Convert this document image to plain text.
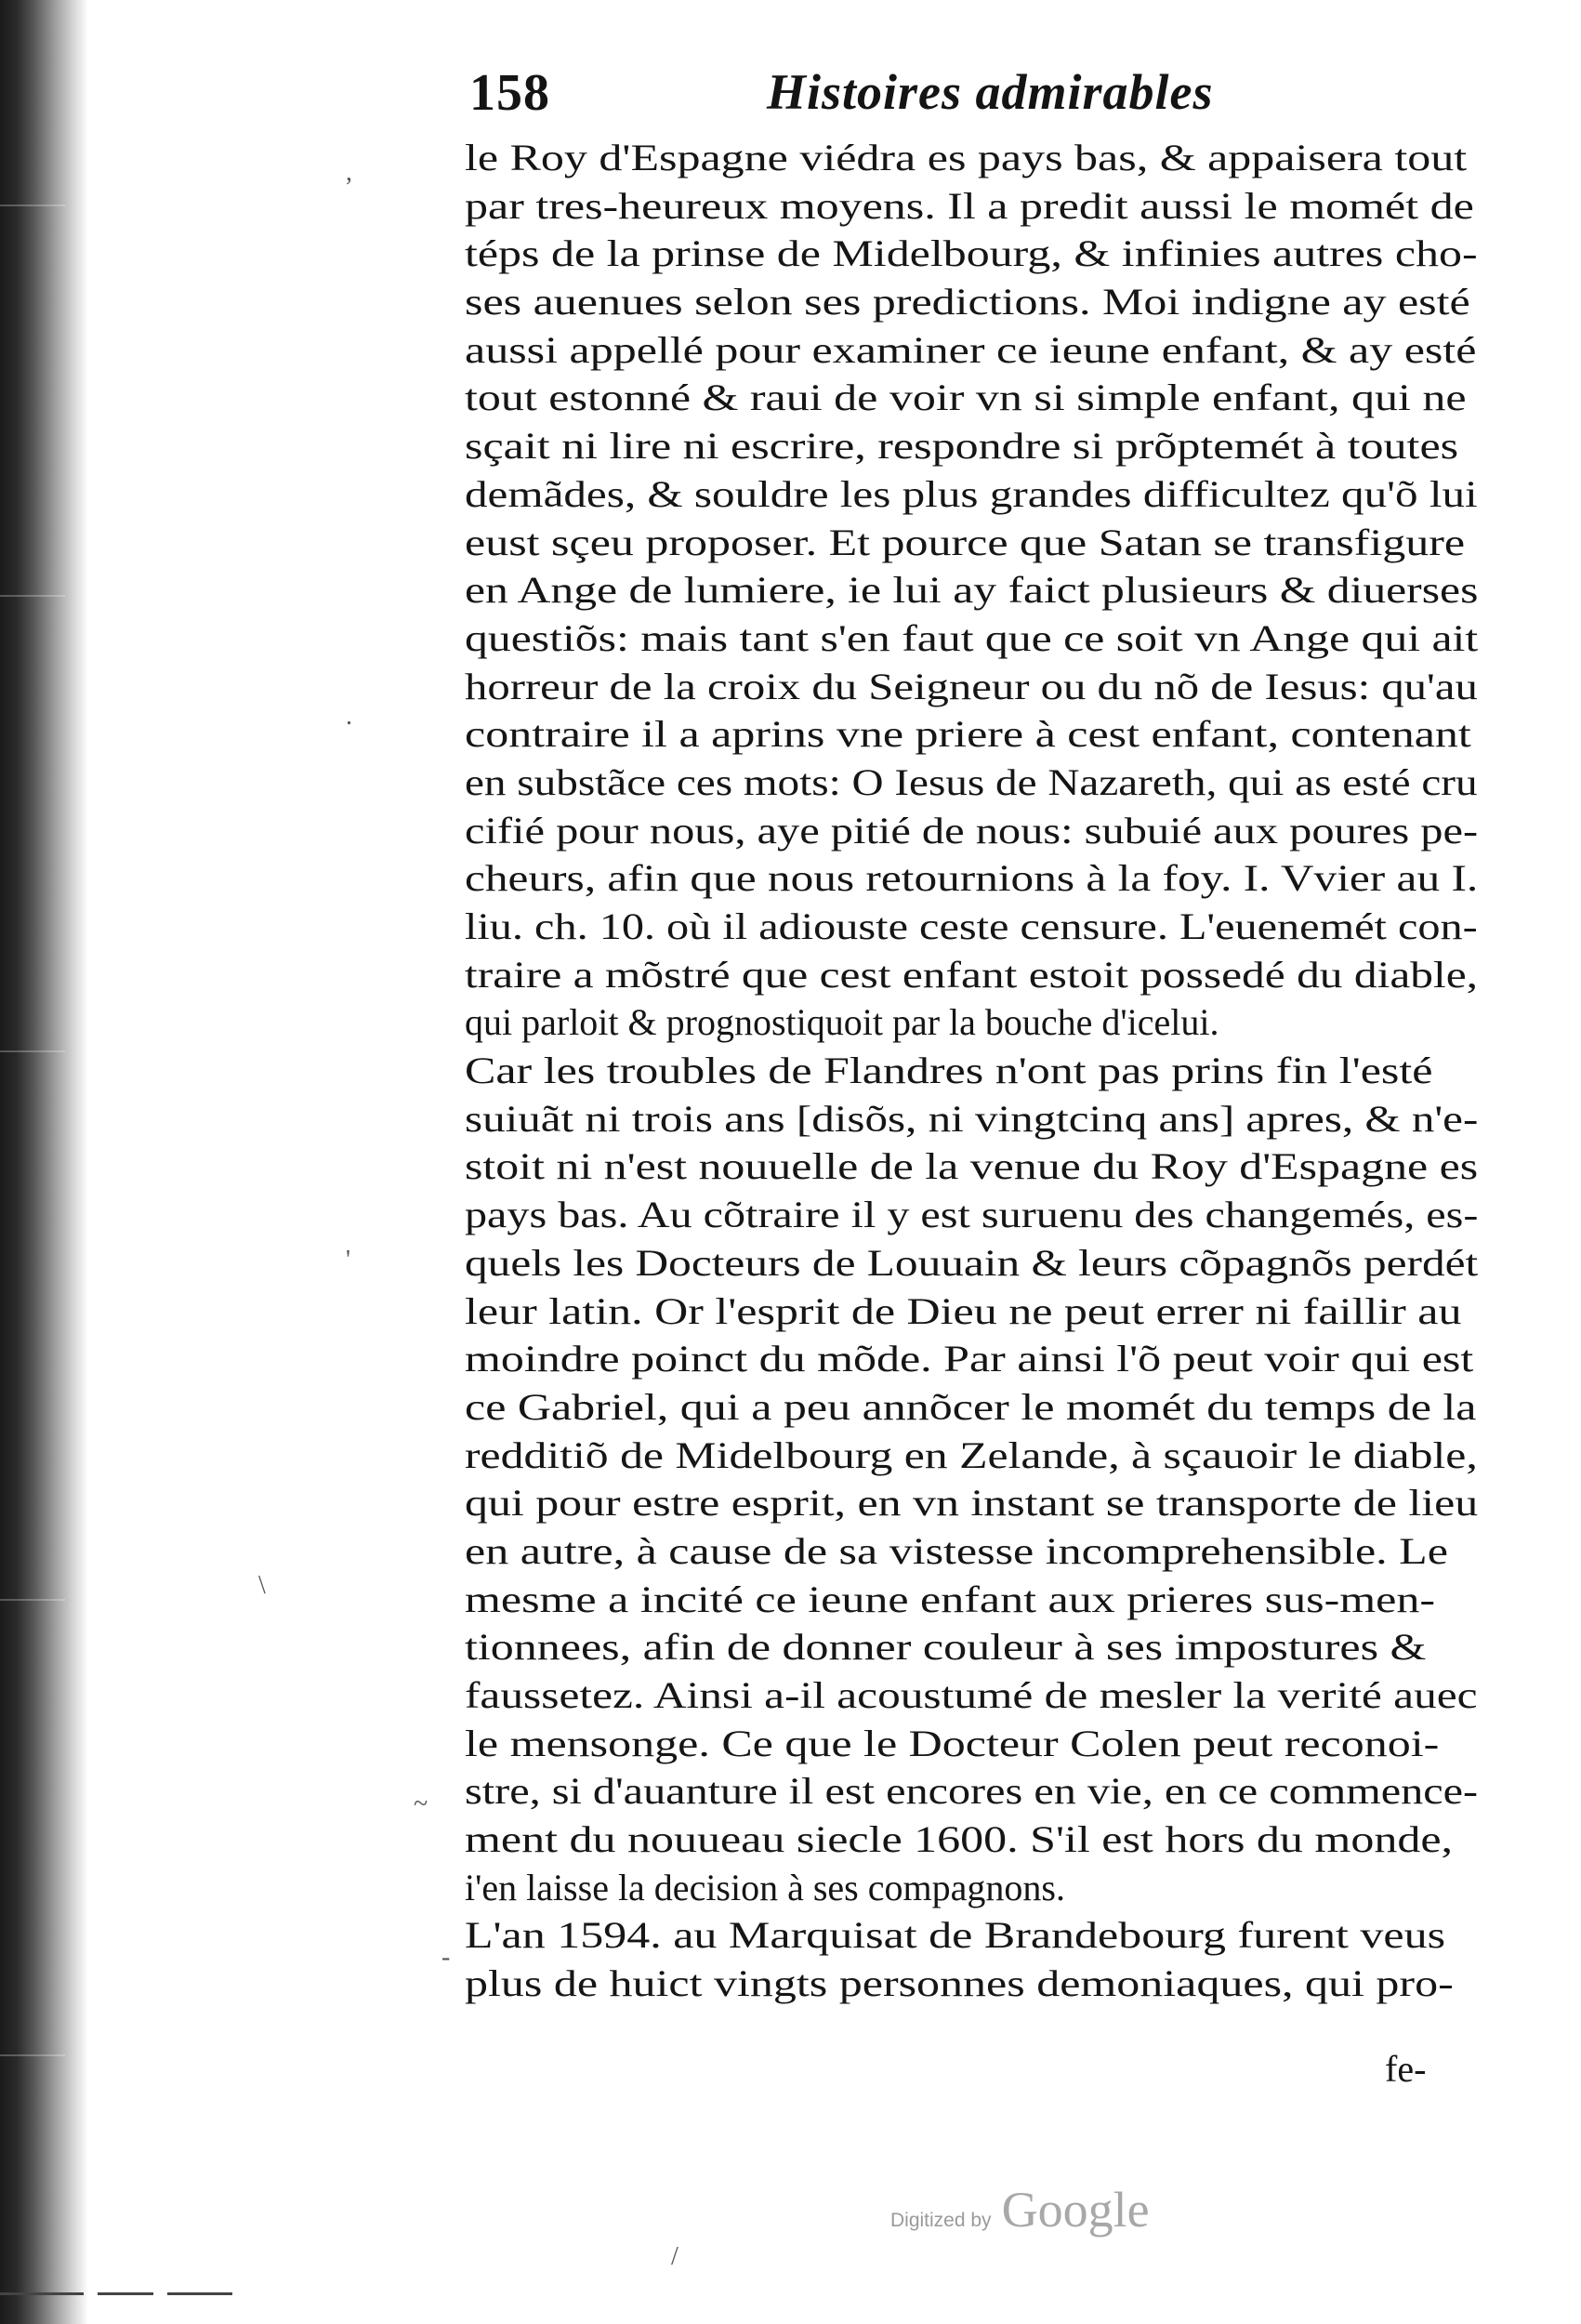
158	Histoires admirables
le Roy d'Espagne viédra es pays bas, & appaisera tout
par tres-heureux moyens. Il a predit aussi le momét de
téps de la prinse de Midelbourg, & infinies autres cho-
ses auenues selon ses predictions. Moi indigne ay esté
aussi appellé pour examiner ce ieune enfant, & ay esté
tout estonné & raui de voir vn si simple enfant, qui ne
sçait ni lire ni escrire, respondre si prõptemét à toutes
demãdes, & souldre les plus grandes difficultez qu'õ lui
eust sçeu proposer. Et pource que Satan se transfigure
en Ange de lumiere, ie lui ay faict plusieurs & diuerses
questiõs: mais tant s'en faut que ce soit vn Ange qui ait
horreur de la croix du Seigneur ou du nõ de Iesus: qu'au
contraire il a aprins vne priere à cest enfant, contenant
en substãce ces mots: O Iesus de Nazareth, qui as esté cru
cifié pour nous, aye pitié de nous: subuié aux poures pe-
cheurs, afin que nous retournions à la foy. I. Vvier au I.
liu. ch. 10. où il adiouste ceste censure. L'euenemét con-
traire a mõstré que cest enfant estoit possedé du diable,
qui parloit & prognostiquoit par la bouche d'icelui.
Car les troubles de Flandres n'ont pas prins fin l'esté
suiuãt ni trois ans [disõs, ni vingtcinq ans] apres, & n'e-
stoit ni n'est nouuelle de la venue du Roy d'Espagne es
pays bas. Au cõtraire il y est suruenu des changemés, es-
quels les Docteurs de Louuain & leurs cõpagnõs perdét
leur latin. Or l'esprit de Dieu ne peut errer ni faillir au
moindre poinct du mõde. Par ainsi l'õ peut voir qui est
ce Gabriel, qui a peu annõcer le momét du temps de la
redditiõ de Midelbourg en Zelande, à sçauoir le diable,
qui pour estre esprit, en vn instant se transporte de lieu
en autre, à cause de sa vistesse incomprehensible. Le
mesme a incité ce ieune enfant aux prieres sus-men-
tionnees, afin de donner couleur à ses impostures &
faussetez. Ainsi a-il acoustumé de mesler la verité auec
le mensonge. Ce que le Docteur Colen peut reconoi-
stre, si d'auanture il est encores en vie, en ce commence-
ment du nouueau siecle 1600. S'il est hors du monde,
i'en laisse la decision à ses compagnons.
L'an 1594. au Marquisat de Brandebourg furent veus
plus de huict vingts personnes demoniaques, qui pro-
fe-
,
.
'
\
~
-
/
Digitized by Google
